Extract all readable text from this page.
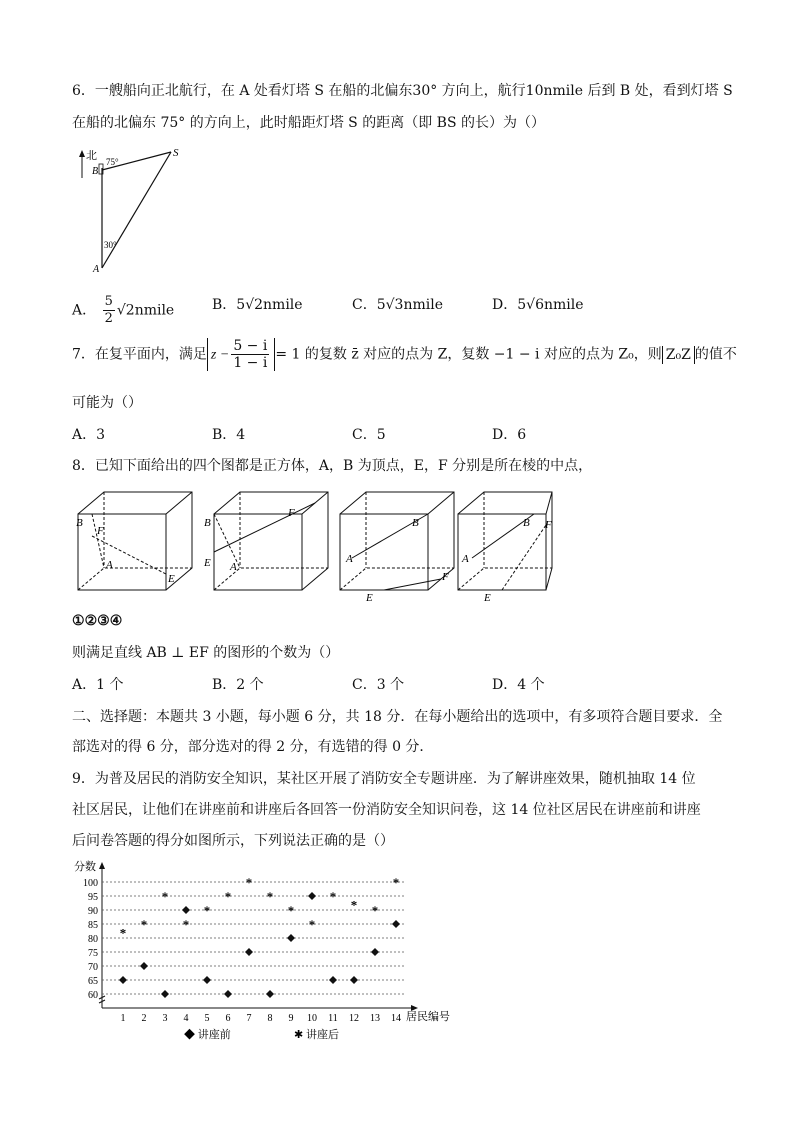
6．一艘船向正北航行，在 A 处看灯塔 S 在船的北偏东30° 方向上，航行10nmile 后到 B 处，看到灯塔 S
在船的北偏东 75° 的方向上，此时船距灯塔 S 的距离（即 BS 的长）为（）
北
B
S
A
75°
30°
A． $\frac{5}{2}$ √2nmile	B．5√2nmile	C．5√3nmile	D．5√6nmile
7．在复平面内，满足 $z - \frac{5 - i}{1 - i} = 1$ 的复数 z̄ 对应的点为 Z，复数 −1 − i 对应的点为 Z₀，则 Z₀Z 的值不
可能为（）
A．3	B．4	C．5	D．6
8．已知下面给出的四个图都是正方体，A，B 为顶点，E，F 分别是所在棱的中点，
B
F
A
E
B
F
A
E	A
B
F
E
A
B F
E
①②③④
则满足直线 AB ⊥ EF 的图形的个数为（）
A．1 个	B．2 个	C．3 个	D．4 个
二、选择题：本题共 3 小题，每小题 6 分，共 18 分．在每小题给出的选项中，有多项符合题目要求．全
部选对的得 6 分，部分选对的得 2 分，有选错的得 0 分．
9．为普及居民的消防安全知识，某社区开展了消防安全专题讲座．为了解讲座效果，随机抽取 14 位
社区居民，让他们在讲座前和讲座后各回答一份消防安全知识问卷，这 14 位社区居民在讲座前和讲座
后问卷答题的得分如图所示，下列说法正确的是（）
分数
居民编号
◆ 讲座前	✱ 讲座后
60
65
70
75
80
85
90
95
100
1 2 3 4 5 6 7 8 9 10 11 12 13 14
*
*
*
*
*
*
*
*
*
*
*
* *
*
